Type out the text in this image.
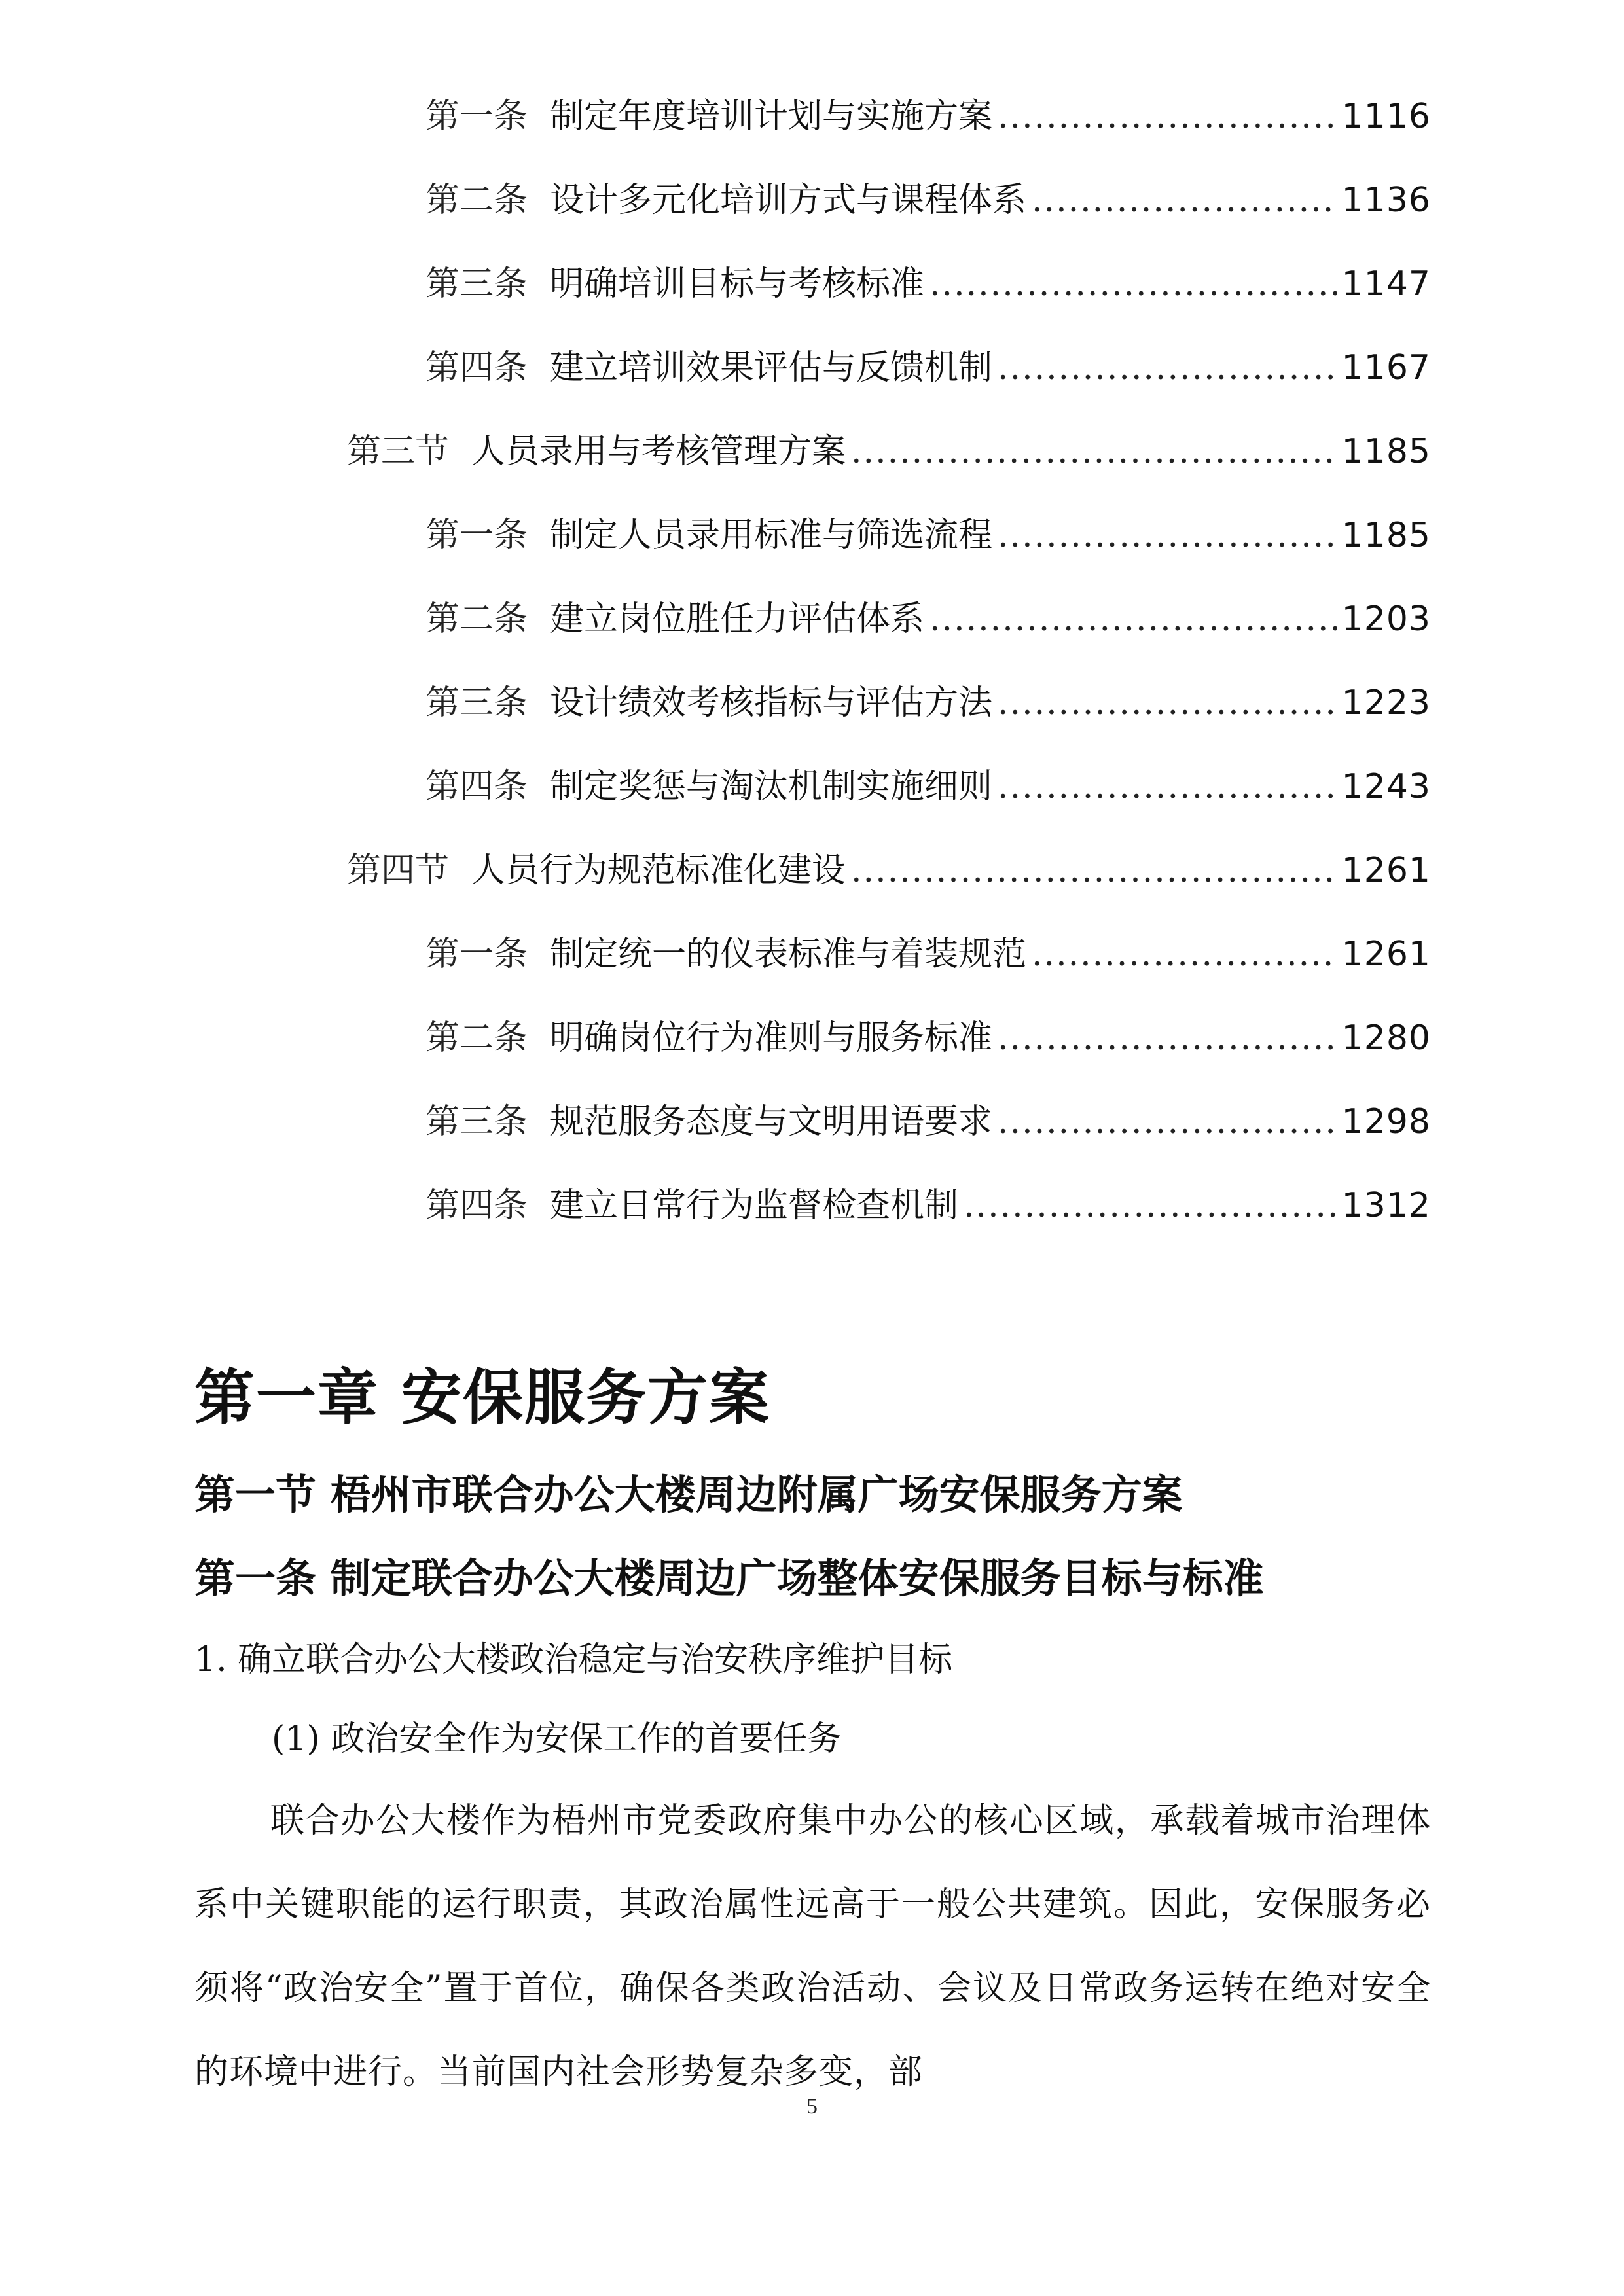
第一条 制定年度培训计划与实施方案 .....	1116
第二条 设计多元化培训方式与课程体系 .....	1136
第三条 明确培训目标与考核标准 .....	1147
第四条 建立培训效果评估与反馈机制 .....	1167
第三节 人员录用与考核管理方案 .....	1185
第一条 制定人员录用标准与筛选流程 .....	1185
第二条 建立岗位胜任力评估体系 .....	1203
第三条 设计绩效考核指标与评估方法 .....	1223
第四条 制定奖惩与淘汰机制实施细则 .....	1243
第四节 人员行为规范标准化建设 .....	1261
第一条 制定统一的仪表标准与着装规范 .....	1261
第二条 明确岗位行为准则与服务标准 .....	1280
第三条 规范服务态度与文明用语要求 .....	1298
第四条 建立日常行为监督检查机制 .....	1312
第一章 安保服务方案
第一节 梧州市联合办公大楼周边附属广场安保服务方案
第一条 制定联合办公大楼周边广场整体安保服务目标与标准

1. 确立联合办公大楼政治稳定与治安秩序维护目标

(1) 政治安全作为安保工作的首要任务

联合办公大楼作为梧州市党委政府集中办公的核心区域，承载着城市治理体系中关键职能的运行职责，其政治属性远高于一般公共建筑。因此，安保服务必须将“政治安全”置于首位，确保各类政治活动、会议及日常政务运转在绝对安全的环境中进行。当前国内社会形势复杂多变，部

5
